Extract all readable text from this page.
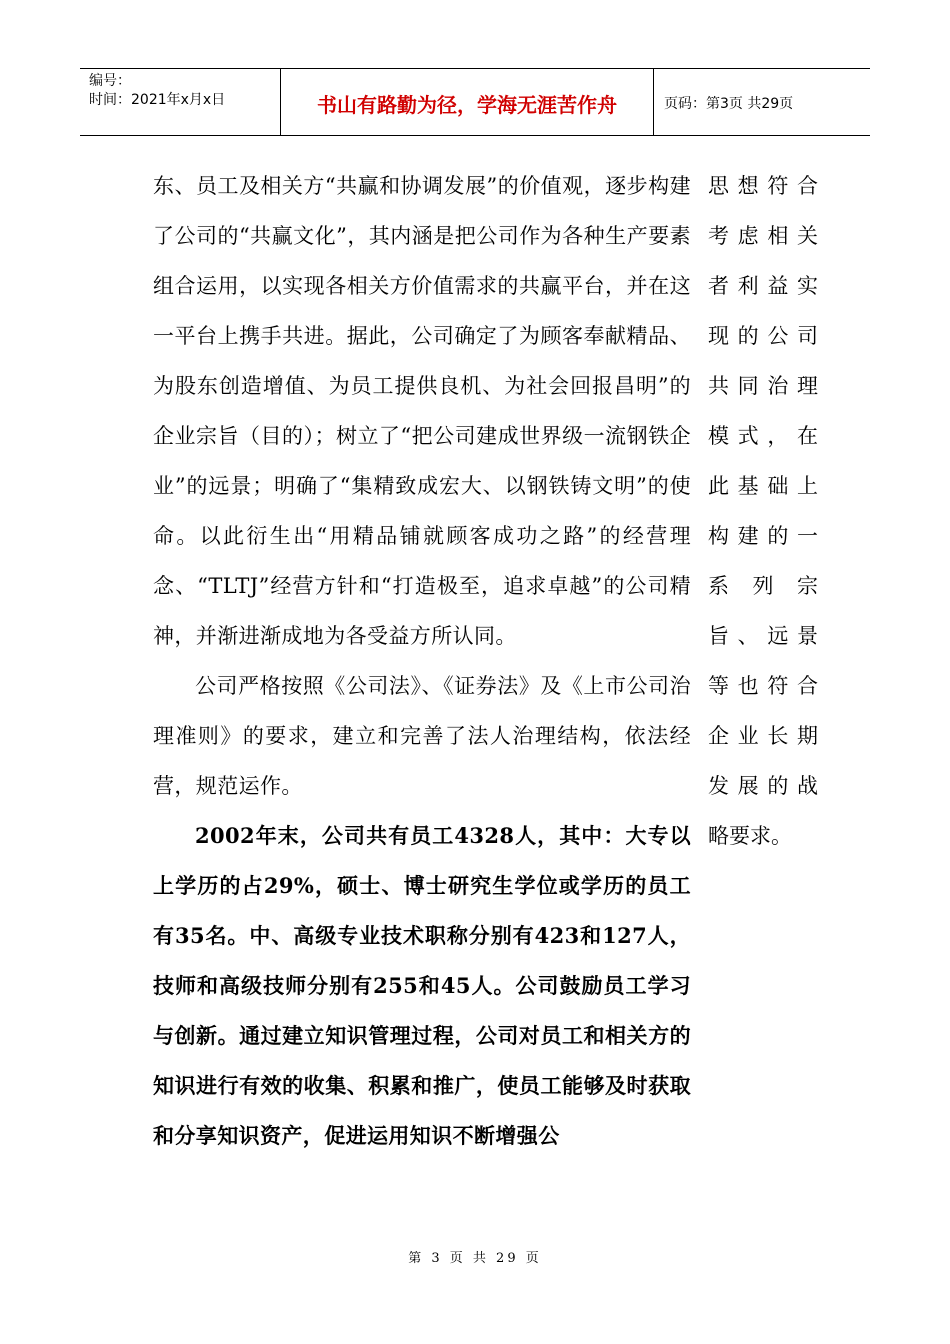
编号：
时间：2021年x月x日	书山有路勤为径，学海无涯苦作舟	页码：第3页 共29页

东、员工及相关方“共赢和协调发展”的价值观，逐步构建了公司的“共赢文化”，其内涵是把公司作为各种生产要素组合运用，以实现各相关方价值需求的共赢平台，并在这一平台上携手共进。据此，公司确定了为顾客奉献精品、为股东创造增值、为员工提供良机、为社会回报昌明”的企业宗旨（目的）；树立了“把公司建成世界级一流钢铁企业”的远景；明确了“集精致成宏大、以钢铁铸文明”的使命。以此衍生出“用精品铺就顾客成功之路”的经营理念、“TLTJ”经营方针和“打造极至，追求卓越”的公司精神，并渐进渐成地为各受益方所认同。

公司严格按照《公司法》、《证券法》及《上市公司治理准则》的要求，建立和完善了法人治理结构，依法经营，规范运作。

2002年末，公司共有员工4328人，其中：大专以上学历的占29%，硕士、博士研究生学位或学历的员工有35名。中、高级专业技术职称分别有423和127人，技师和高级技师分别有255和45人。公司鼓励员工学习与创新。通过建立知识管理过程，公司对员工和相关方的知识进行有效的收集、积累和推广，使员工能够及时获取和分享知识资产，促进运用知识不断增强公

思想符合

考虑相关

者利益实

现的公司

共同治理

模式，在

此基础上

构建的一

系列宗

旨、远景

等也符合

企业长期

发展的战

略要求。

第 3 页 共 29 页
